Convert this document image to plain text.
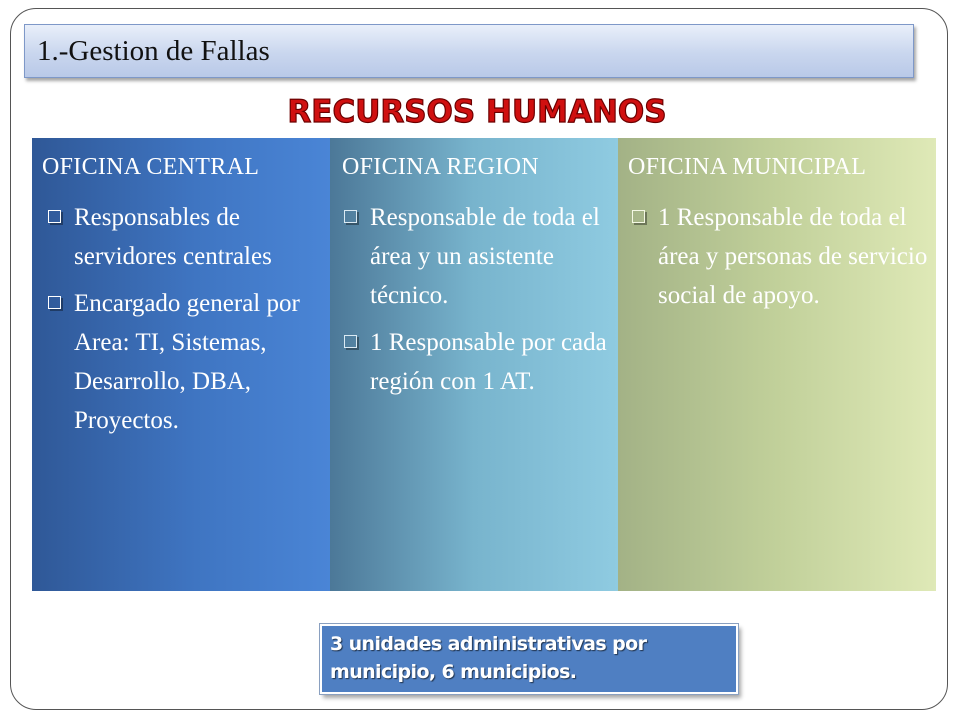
1.-Gestion de Fallas
RECURSOS HUMANOS
OFICINA CENTRAL
Responsables de servidores centrales
Encargado general por Area: TI, Sistemas, Desarrollo, DBA, Proyectos.
OFICINA REGION
Responsable de toda el área y un asistente técnico.
1 Responsable por cada región con 1 AT.
OFICINA MUNICIPAL
1 Responsable de toda el área y personas de servicio social de apoyo.
3 unidades administrativas por municipio, 6 municipios.
